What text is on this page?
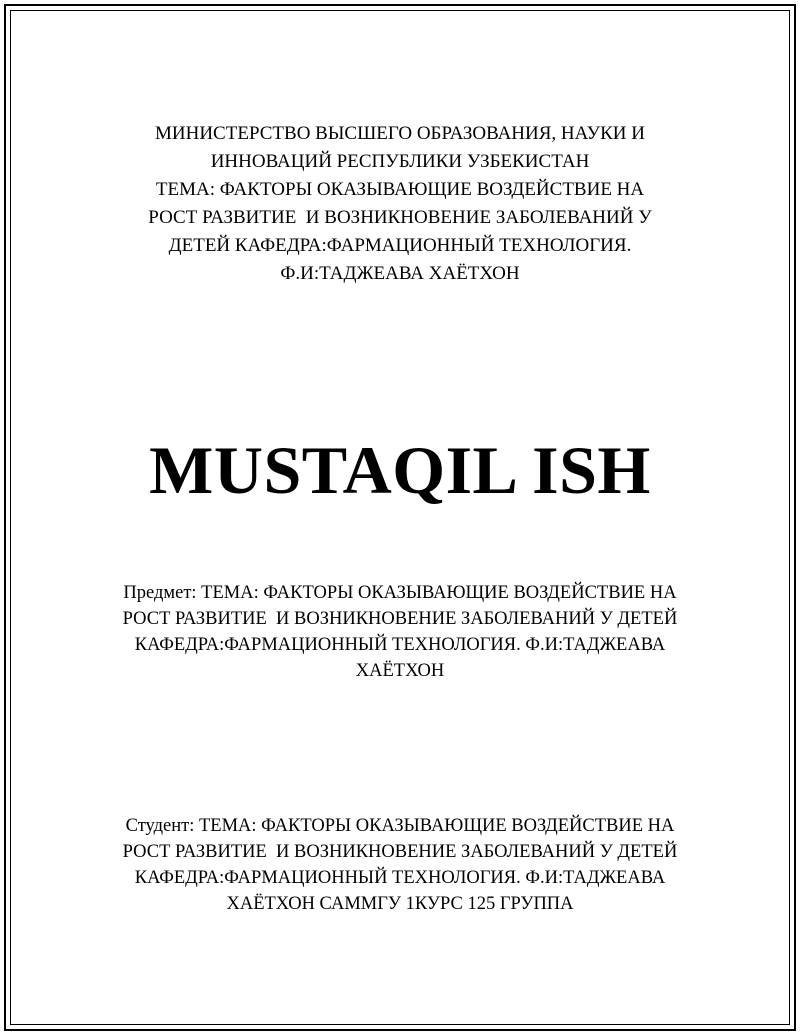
МИНИСТЕРСТВО ВЫСШЕГО ОБРАЗОВАНИЯ, НАУКИ И
ИННОВАЦИЙ РЕСПУБЛИКИ УЗБЕКИСТАН
ТЕМА: ФАКТОРЫ ОКАЗЫВАЮЩИЕ ВОЗДЕЙСТВИЕ НА
РОСТ РАЗВИТИЕ  И ВОЗНИКНОВЕНИЕ ЗАБОЛЕВАНИЙ У
ДЕТЕЙ КАФЕДРА:ФАРМАЦИОННЫЙ ТЕХНОЛОГИЯ.
Ф.И:ТАДЖЕАВА ХАЁТХОН
MUSTAQIL ISH
Предмет: ТЕМА: ФАКТОРЫ ОКАЗЫВАЮЩИЕ ВОЗДЕЙСТВИЕ НА
РОСТ РАЗВИТИЕ  И ВОЗНИКНОВЕНИЕ ЗАБОЛЕВАНИЙ У ДЕТЕЙ
КАФЕДРА:ФАРМАЦИОННЫЙ ТЕХНОЛОГИЯ. Ф.И:ТАДЖЕАВА
ХАЁТХОН
Студент: ТЕМА: ФАКТОРЫ ОКАЗЫВАЮЩИЕ ВОЗДЕЙСТВИЕ НА
РОСТ РАЗВИТИЕ  И ВОЗНИКНОВЕНИЕ ЗАБОЛЕВАНИЙ У ДЕТЕЙ
КАФЕДРА:ФАРМАЦИОННЫЙ ТЕХНОЛОГИЯ. Ф.И:ТАДЖЕАВА
ХАЁТХОН САММГУ 1КУРС 125 ГРУППА
